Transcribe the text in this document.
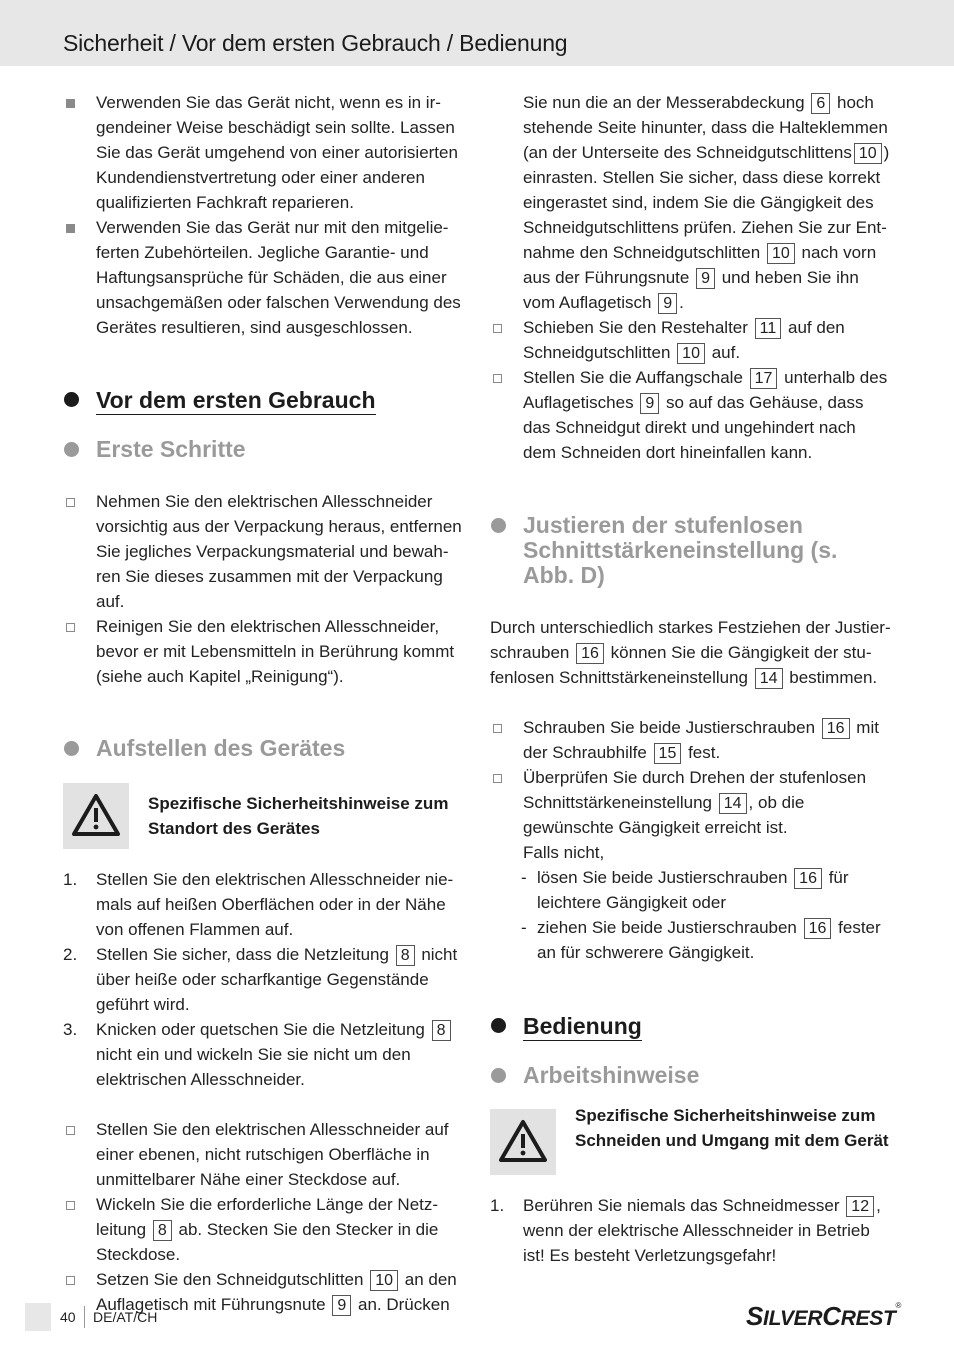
Sicherheit / Vor dem ersten Gebrauch / Bedienung
Verwenden Sie das Gerät nicht, wenn es in ir-gendeiner Weise beschädigt sein sollte. Lassen Sie das Gerät umgehend von einer autorisierten Kundendienstvertretung oder einer anderen qualifizierten Fachkraft reparieren.
Verwenden Sie das Gerät nur mit den mitgelie-ferten Zubehörteilen. Jegliche Garantie- und Haftungsansprüche für Schäden, die aus einer unsachgemäßen oder falschen Verwendung des Gerätes resultieren, sind ausgeschlossen.
Vor dem ersten Gebrauch
Erste Schritte
Nehmen Sie den elektrischen Allesschneider vorsichtig aus der Verpackung heraus, entfernen Sie jegliches Verpackungsmaterial und bewah-ren Sie dieses zusammen mit der Verpackung auf.
Reinigen Sie den elektrischen Allesschneider, bevor er mit Lebensmitteln in Berührung kommt (siehe auch Kapitel „Reinigung“).
Aufstellen des Gerätes
Spezifische Sicherheitshinweise zum Standort des Gerätes
1. Stellen Sie den elektrischen Allesschneider nie-mals auf heißen Oberflächen oder in der Nähe von offenen Flammen auf.
2. Stellen Sie sicher, dass die Netzleitung 8 nicht über heiße oder scharfkantige Gegenstände geführt wird.
3. Knicken oder quetschen Sie die Netzleitung 8 nicht ein und wickeln Sie sie nicht um den elektrischen Allesschneider.
Stellen Sie den elektrischen Allesschneider auf einer ebenen, nicht rutschigen Oberfläche in unmittelbarer Nähe einer Steckdose auf.
Wickeln Sie die erforderliche Länge der Netz-leitung 8 ab. Stecken Sie den Stecker in die Steckdose.
Setzen Sie den Schneidgutschlitten 10 an den Auflagetisch mit Führungsnute 9 an. Drücken
Sie nun die an der Messerabdeckung 6 hoch stehende Seite hinunter, dass die Halteklemmen (an der Unterseite des Schneidgutschlittens 10 ) einrasten. Stellen Sie sicher, dass diese korrekt eingerastet sind, indem Sie die Gängigkeit des Schneidgutschlittens prüfen. Ziehen Sie zur Ent-nahme den Schneidgutschlitten 10 nach vorn aus der Führungsnute 9 und heben Sie ihn vom Auflagetisch 9 .
Schieben Sie den Restehalter 11 auf den Schneidgutschlitten 10 auf.
Stellen Sie die Auffangschale 17 unterhalb des Auflagetisches 9 so auf das Gehäuse, dass das Schneidgut direkt und ungehindert nach dem Schneiden dort hineinfallen kann.
Justieren der stufenlosen Schnittstärkeneinstellung (s. Abb. D)
Durch unterschiedlich starkes Festziehen der Justier-schrauben 16 können Sie die Gängigkeit der stu-fenlosen Schnittstärkeneinstellung 14 bestimmen.
Schrauben Sie beide Justierschrauben 16 mit der Schraubhilfe 15 fest.
Überprüfen Sie durch Drehen der stufenlosen Schnittstärkeneinstellung 14 , ob die gewünschte Gängigkeit erreicht ist.
Falls nicht,
- lösen Sie beide Justierschrauben 16 für leichtere Gängigkeit oder
- ziehen Sie beide Justierschrauben 16 fester an für schwerere Gängigkeit.
Bedienung
Arbeitshinweise
Spezifische Sicherheitshinweise zum Schneiden und Umgang mit dem Gerät
1. Berühren Sie niemals das Schneidmesser 12 , wenn der elektrische Allesschneider in Betrieb ist! Es besteht Verletzungsgefahr!
40 DE/AT/CH	SILVERCREST®
